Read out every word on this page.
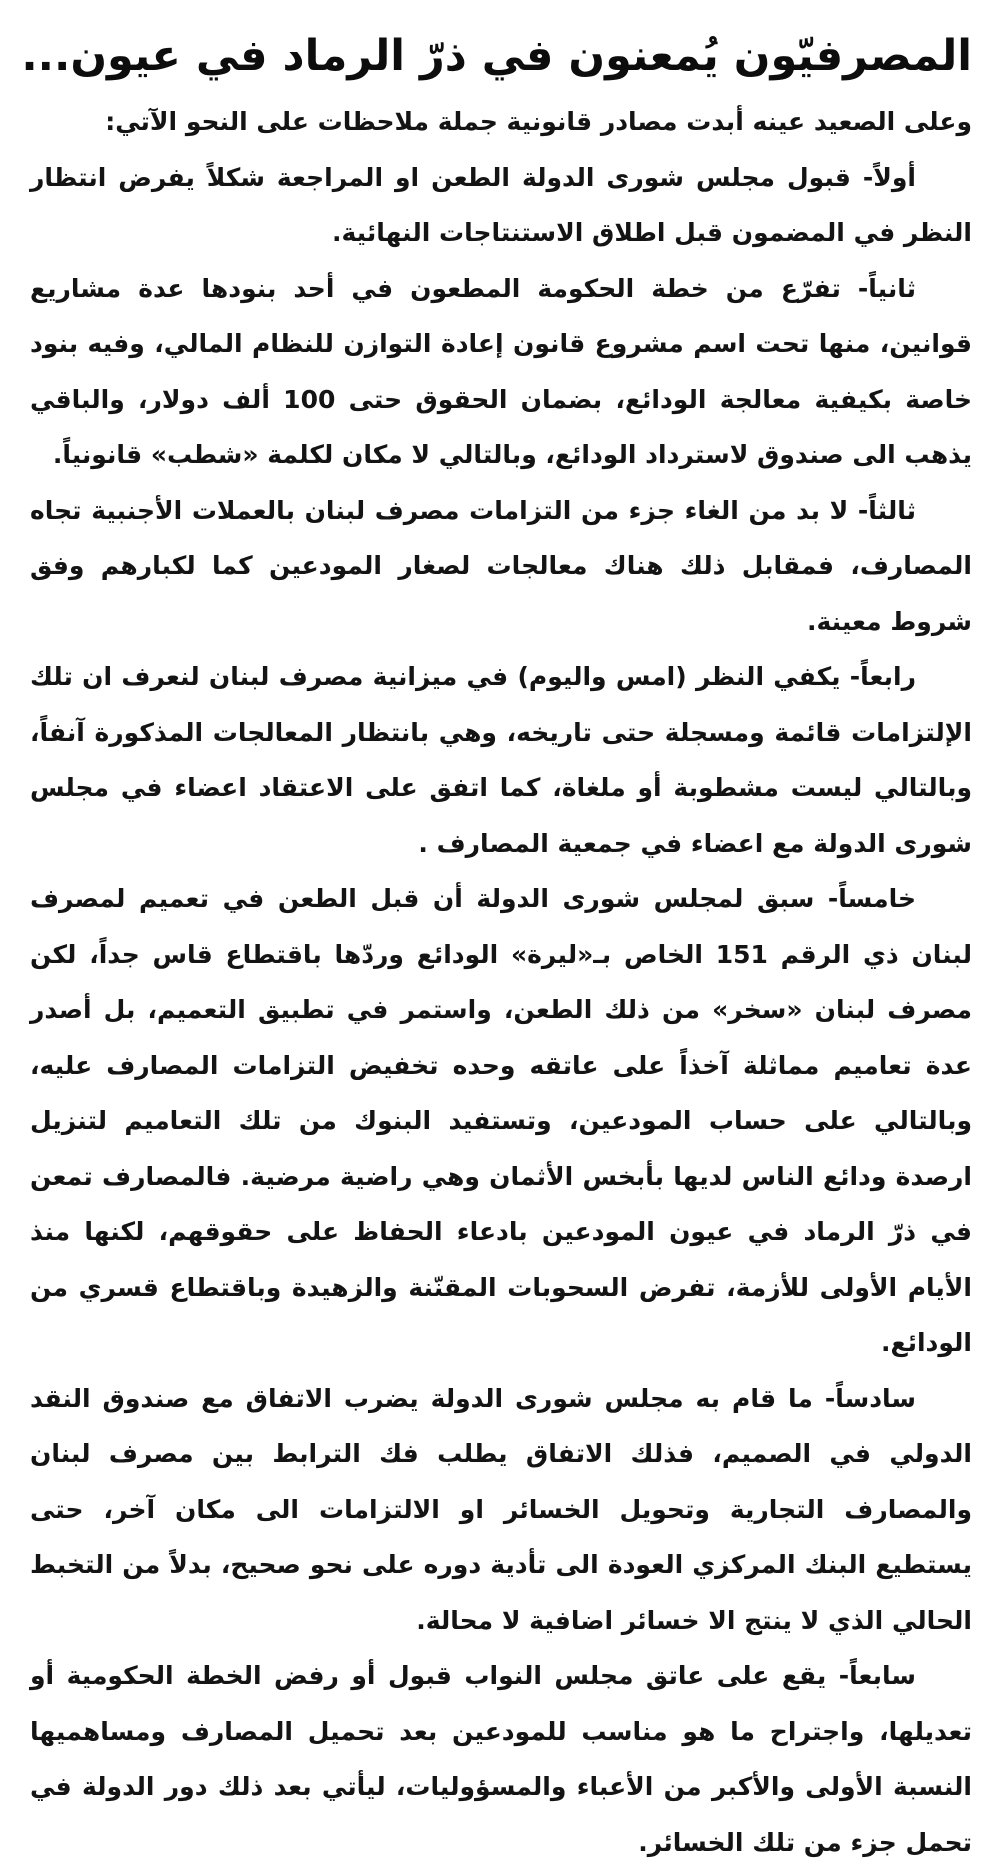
المصرفيّون يُمعنون في ذرّ الرماد في عيون...

وعلى الصعيد عينه أبدت مصادر قانونية جملة ملاحظات على النحو الآتي:

أولاً- قبول مجلس شورى الدولة الطعن او المراجعة شكلاً يفرض انتظار النظر في المضمون قبل اطلاق الاستنتاجات النهائية.

ثانياً- تفرّع من خطة الحكومة المطعون في أحد بنودها عدة مشاريع قوانين، منها تحت اسم مشروع قانون إعادة التوازن للنظام المالي، وفيه بنود خاصة بكيفية معالجة الودائع، بضمان الحقوق حتى 100 ألف دولار، والباقي يذهب الى صندوق لاسترداد الودائع، وبالتالي لا مكان لكلمة «شطب» قانونياً.

ثالثاً- لا بد من الغاء جزء من التزامات مصرف لبنان بالعملات الأجنبية تجاه المصارف، فمقابل ذلك هناك معالجات لصغار المودعين كما لكبارهم وفق شروط معينة.

رابعاً- يكفي النظر (امس واليوم) في ميزانية مصرف لبنان لنعرف ان تلك الإلتزامات قائمة ومسجلة حتى تاريخه، وهي بانتظار المعالجات المذكورة آنفاً، وبالتالي ليست مشطوبة أو ملغاة، كما اتفق على الاعتقاد اعضاء في مجلس شورى الدولة مع اعضاء في جمعية المصارف .

خامساً- سبق لمجلس شورى الدولة أن قبل الطعن في تعميم لمصرف لبنان ذي الرقم 151 الخاص بـ«ليرة» الودائع وردّها باقتطاع قاس جداً، لكن مصرف لبنان «سخر» من ذلك الطعن، واستمر في تطبيق التعميم، بل أصدر عدة تعاميم مماثلة آخذاً على عاتقه وحده تخفيض التزامات المصارف عليه، وبالتالي على حساب المودعين، وتستفيد البنوك من تلك التعاميم لتنزيل ارصدة ودائع الناس لديها بأبخس الأثمان وهي راضية مرضية. فالمصارف تمعن في ذرّ الرماد في عيون المودعين بادعاء الحفاظ على حقوقهم، لكنها منذ الأيام الأولى للأزمة، تفرض السحوبات المقنّنة والزهيدة وباقتطاع قسري من الودائع.

سادساً- ما قام به مجلس شورى الدولة يضرب الاتفاق مع صندوق النقد الدولي في الصميم، فذلك الاتفاق يطلب فك الترابط بين مصرف لبنان والمصارف التجارية وتحويل الخسائر او الالتزامات الى مكان آخر، حتى يستطيع البنك المركزي العودة الى تأدية دوره على نحو صحيح، بدلاً من التخبط الحالي الذي لا ينتج الا خسائر اضافية لا محالة.

سابعاً- يقع على عاتق مجلس النواب قبول أو رفض الخطة الحكومية أو تعديلها، واجتراح ما هو مناسب للمودعين بعد تحميل المصارف ومساهميها النسبة الأولى والأكبر من الأعباء والمسؤوليات، ليأتي بعد ذلك دور الدولة في تحمل جزء من تلك الخسائر.
